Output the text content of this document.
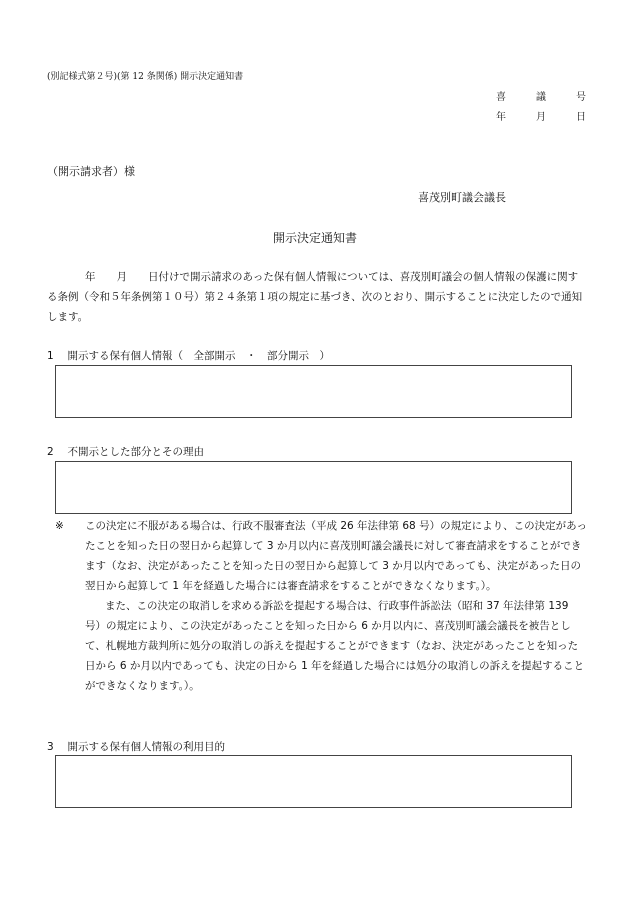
(別記様式第２号)(第 12 条関係) 開示決定通知書
喜	議	号
年	月	日
（開示請求者）様
喜茂別町議会議長
開示決定通知書
年　　月　　日付けで開示請求のあった保有個人情報については、喜茂別町議会の個人情報の保護に関する条例（令和５年条例第１０号）第２４条第１項の規定に基づき、次のとおり、開示することに決定したので通知します。
1　 開示する保有個人情報（　全部開示　・　部分開示　）
2　 不開示とした部分とその理由

※ この決定に不服がある場合は、行政不服審査法（平成 26 年法律第 68 号）の規定により、この決定があったことを知った日の翌日から起算して 3 か月以内に喜茂別町議会議長に対して審査請求をすることができます（なお、決定があったことを知った日の翌日から起算して 3 か月以内であっても、決定があった日の翌日から起算して 1 年を経過した場合には審査請求をすることができなくなります。）。

また、この決定の取消しを求める訴訟を提起する場合は、行政事件訴訟法（昭和 37 年法律第 139 号）の規定により、この決定があったことを知った日から 6 か月以内に、喜茂別町議会議長を被告として、札幌地方裁判所に処分の取消しの訴えを提起することができます（なお、決定があったことを知った日から 6 か月以内であっても、決定の日から 1 年を経過した場合には処分の取消しの訴えを提起することができなくなります。）。

3　 開示する保有個人情報の利用目的
